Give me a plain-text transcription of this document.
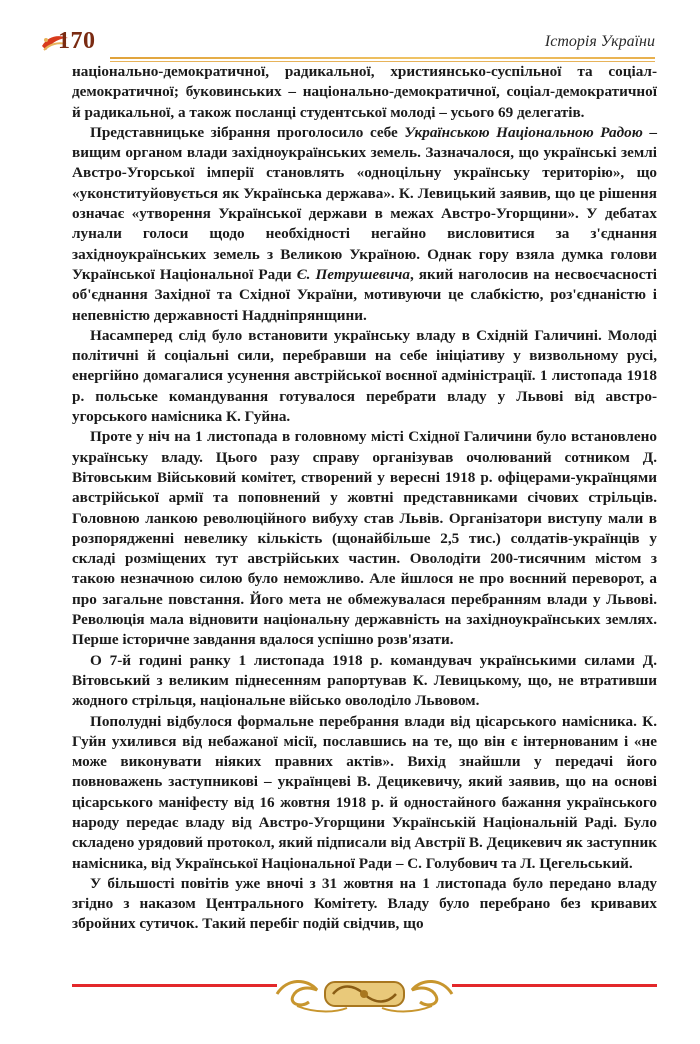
170	Історія України

національно-демократичної, радикальної, християнсько-суспільної та соціал-демократичної; буковинських – національно-демократичної, соціал-демократичної й радикальної, а також посланці студентської молоді – усього 69 делегатів.

Представницьке зібрання проголосило себе Українською Національною Радою – вищим органом влади західноукраїнських земель. Зазначалося, що українські землі Австро-Угорської імперії становлять «одноцільну українську територію», що «уконституйовується як Українська держава». К. Левицький заявив, що це рішення означає «утворення Української держави в межах Австро-Угорщини». У дебатах лунали голоси щодо необхідності негайно висловитися за з'єднання західноукраїнських земель з Великою Україною. Однак гору взяла думка голови Української Національної Ради Є. Петрушевича, який наголосив на несвоєчасності об'єднання Західної та Східної України, мотивуючи це слабкістю, роз'єднаністю і непевністю державності Наддніпрянщини.

Насамперед слід було встановити українську владу в Східній Галичині. Молоді політичні й соціальні сили, перебравши на себе ініціативу у визвольному русі, енергійно домагалися усунення австрійської воєнної адміністрації. 1 листопада 1918 р. польське командування готувалося перебрати владу у Львові від австро-угорського намісника К. Гуйна.

Проте у ніч на 1 листопада в головному місті Східної Галичини було встановлено українську владу. Цього разу справу організував очолюваний сотником Д. Вітовським Військовий комітет, створений у вересні 1918 р. офіцерами-українцями австрійської армії та поповнений у жовтні представниками січових стрільців. Головною ланкою революційного вибуху став Львів. Організатори виступу мали в розпорядженні невелику кількість (щонайбільше 2,5 тис.) солдатів-українців у складі розміщених тут австрійських частин. Оволодіти 200-тисячним містом з такою незначною силою було неможливо. Але йшлося не про воєнний переворот, а про загальне повстання. Його мета не обмежувалася перебранням влади у Львові. Революція мала відновити національну державність на західноукраїнських землях. Перше історичне завдання вдалося успішно розв'язати.

О 7-й годині ранку 1 листопада 1918 р. командувач українськими силами Д. Вітовський з великим піднесенням рапортував К. Левицькому, що, не втративши жодного стрільця, національне військо оволоділо Львовом.

Пополудні відбулося формальне перебрання влади від цісарського намісника. К. Гуйн ухилився від небажаної місії, пославшись на те, що він є інтернованим і «не може виконувати ніяких правних актів». Вихід знайшли у передачі його повноважень заступникові – українцеві В. Децикевичу, який заявив, що на основі цісарського маніфесту від 16 жовтня 1918 р. й одностайного бажання українського народу передає владу від Австро-Угорщини Українській Національній Раді. Було складено урядовий протокол, який підписали від Австрії В. Децикевич як заступник намісника, від Української Національної Ради – С. Голубович та Л. Цегельський.

У більшості повітів уже вночі з 31 жовтня на 1 листопада було передано владу згідно з наказом Центрального Комітету. Владу було перебрано без кривавих збройних сутичок. Такий перебіг подій свідчив, що
